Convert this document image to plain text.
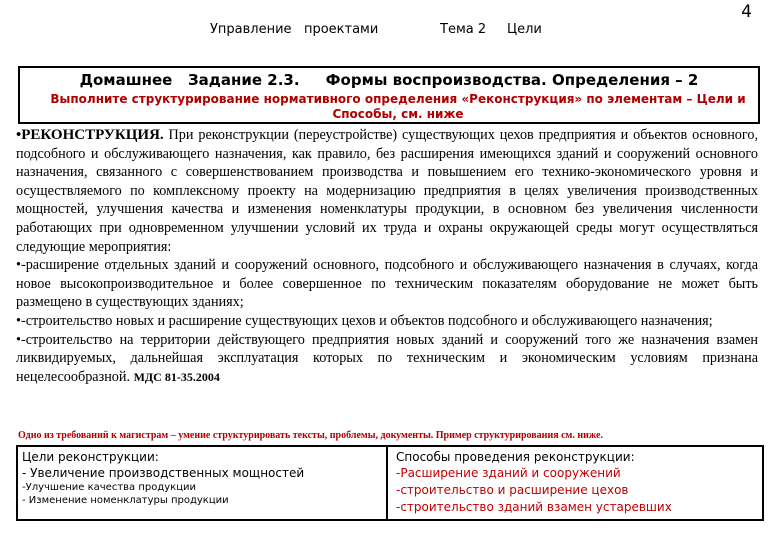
Управление   проектами	Тема 2 Цели
4
Домашнее   Задание 2.3.     Формы воспроизводства. Определения – 2
Выполните структурирование нормативного определения «Реконструкция» по элементам – Цели и Способы, см. ниже

•РЕКОНСТРУКЦИЯ. При реконструкции (переустройстве) существующих цехов предприятия и объектов основного, подсобного и обслуживающего назначения, как правило, без расширения имеющихся зданий и сооружений основного назначения, связанного с совершенствованием производства и повышением его технико-экономического уровня и осуществляемого по комплексному проекту на модернизацию предприятия в целях увеличения производственных мощностей, улучшения качества и изменения номенклатуры продукции, в основном без увеличения численности работающих при одновременном улучшении условий их труда и охраны окружающей среды могут осуществляться следующие мероприятия:

•-расширение отдельных зданий и сооружений основного, подсобного и обслуживающего назначения в случаях, когда новое высокопроизводительное и более совершенное по техническим показателям оборудование не может быть размещено в существующих зданиях;

•-строительство новых и расширение существующих цехов и объектов подсобного и обслуживающего назначения;

•-строительство на территории действующего предприятия новых зданий и сооружений того же назначения взамен ликвидируемых, дальнейшая эксплуатация которых по техническим и экономическим условиям признана нецелесообразной. МДС 81-35.2004

Одно из требований к магистрам – умение структурировать тексты, проблемы, документы. Пример структурирования см. ниже.
Цели реконструкции:
- Увеличение производственных мощностей
-Улучшение качества продукции
- Изменение номенклатуры продукции
Способы проведения реконструкции:
-Расширение зданий и сооружений
-строительство и расширение цехов
-строительство зданий взамен устаревших
